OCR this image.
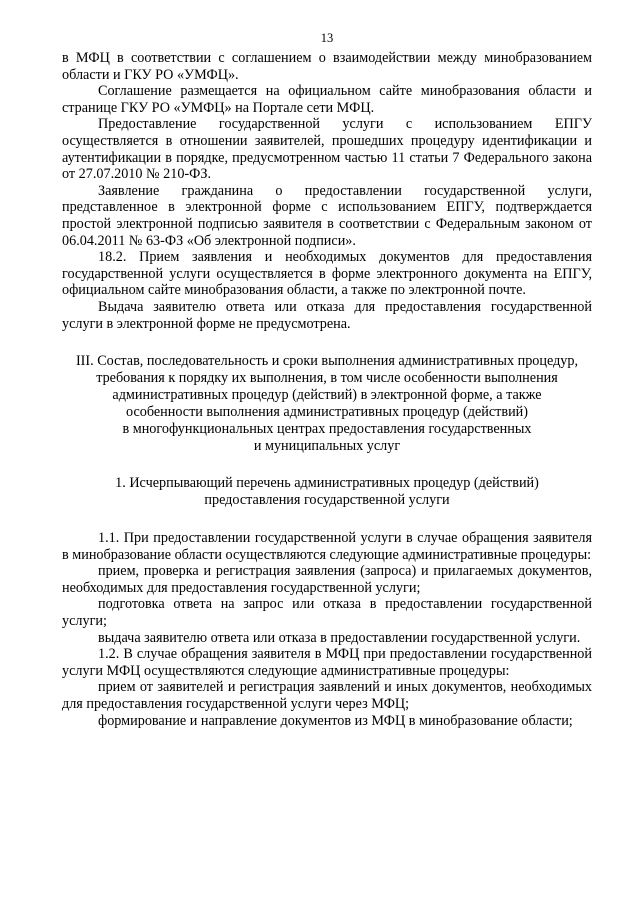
13

в МФЦ в соответствии с соглашением о взаимодействии между минобразованием области и ГКУ РО «УМФЦ».

Соглашение размещается на официальном сайте минобразования области и странице ГКУ РО «УМФЦ» на Портале сети МФЦ.

Предоставление государственной услуги с использованием ЕПГУ осуществляется в отношении заявителей, прошедших процедуру идентификации и аутентификации в порядке, предусмотренном частью 11 статьи 7 Федерального закона от 27.07.2010 № 210-ФЗ.

Заявление гражданина о предоставлении государственной услуги, представленное в электронной форме с использованием ЕПГУ, подтверждается простой электронной подписью заявителя в соответствии с Федеральным законом от 06.04.2011 № 63-ФЗ «Об электронной подписи».

18.2. Прием заявления и необходимых документов для предоставления государственной услуги осуществляется в форме электронного документа на ЕПГУ, официальном сайте минобразования области, а также по электронной почте.

Выдача заявителю ответа или отказа для предоставления государственной услуги в электронной форме не предусмотрена.

III. Состав, последовательность и сроки выполнения административных процедур,
требования к порядку их выполнения, в том числе особенности выполнения
административных процедур (действий) в электронной форме, а также
особенности выполнения административных процедур (действий)
в многофункциональных центрах предоставления государственных
и муниципальных услуг
1. Исчерпывающий перечень административных процедур (действий)
предоставления государственной услуги

1.1. При предоставлении государственной услуги в случае обращения заявителя в минобразование области осуществляются следующие административные процедуры:

прием, проверка и регистрация заявления (запроса) и прилагаемых документов, необходимых для предоставления государственной услуги;

подготовка ответа на запрос или отказа в предоставлении государственной услуги;

выдача заявителю ответа или отказа в предоставлении государственной услуги.

1.2. В случае обращения заявителя в МФЦ при предоставлении государственной услуги МФЦ осуществляются следующие административные процедуры:

прием от заявителей и регистрация заявлений и иных документов, необходимых для предоставления государственной услуги через МФЦ;

формирование и направление документов из МФЦ в минобразование области;
